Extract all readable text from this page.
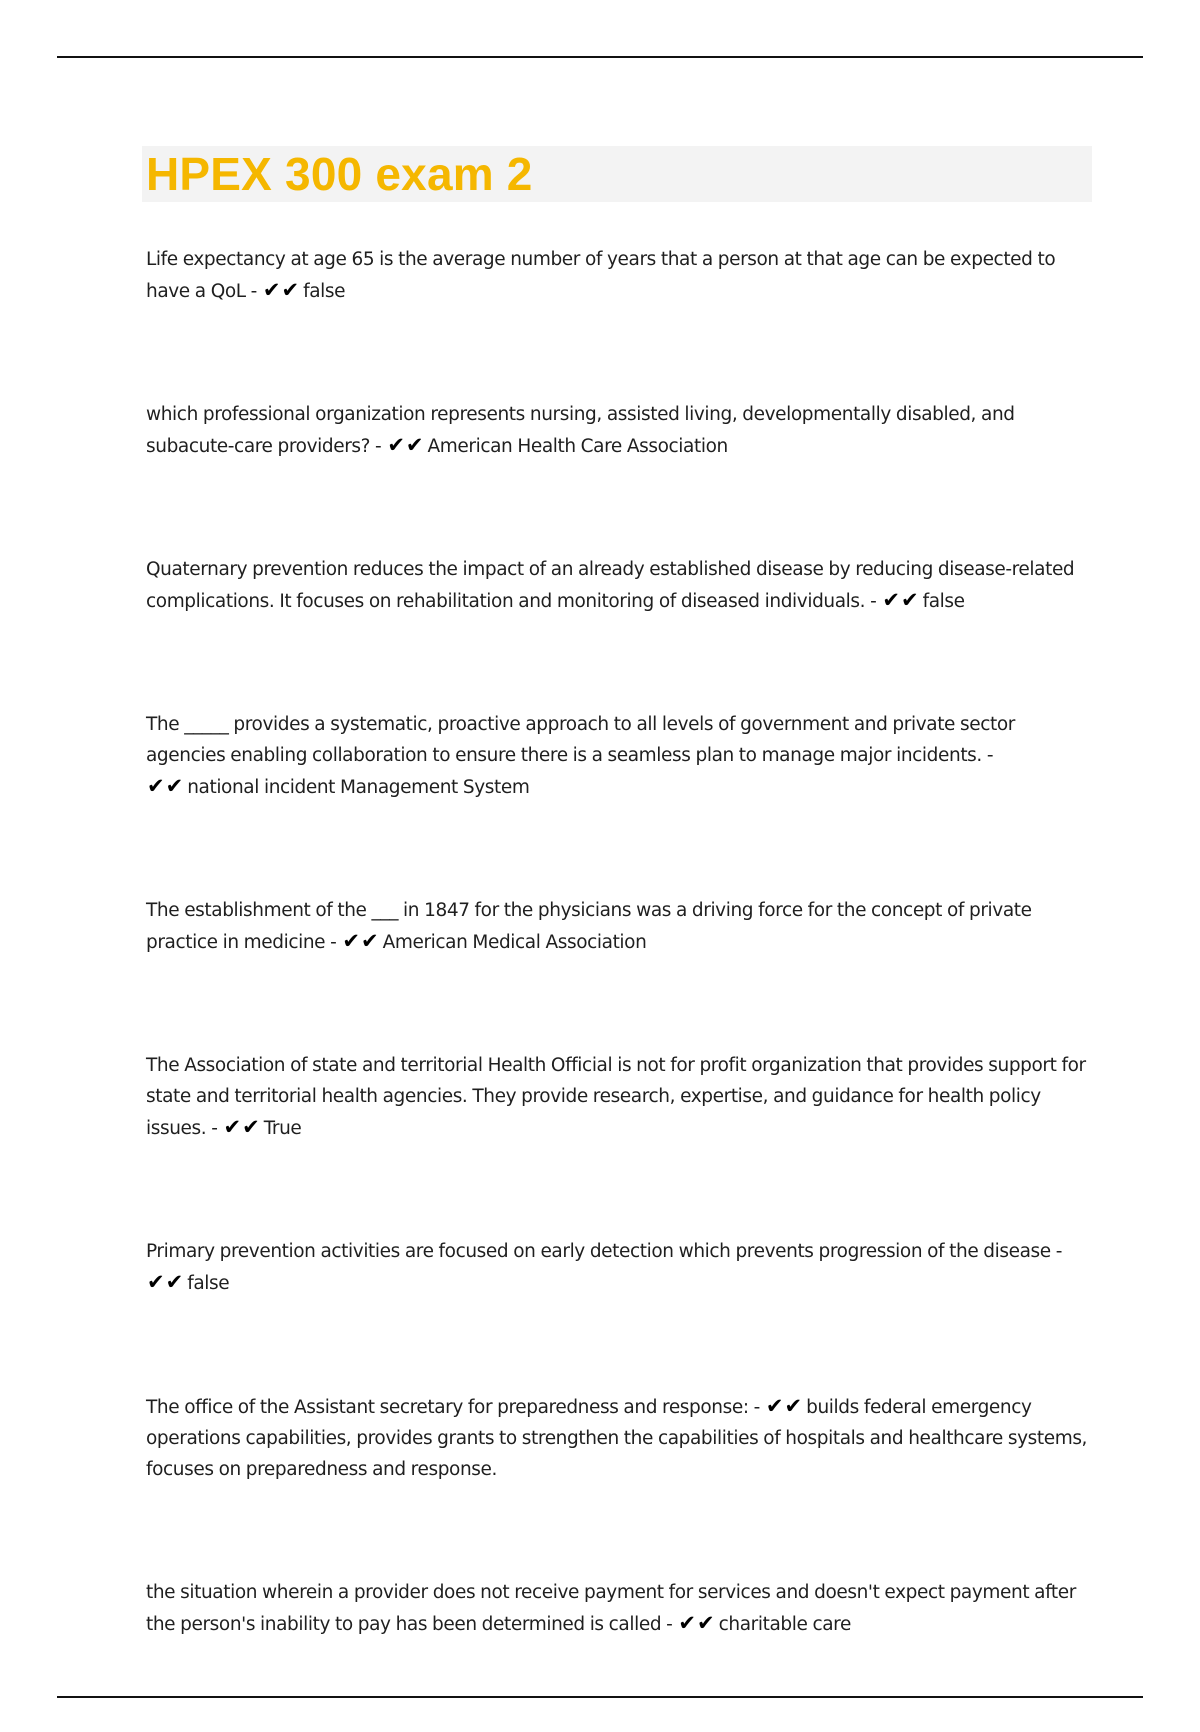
HPEX 300 exam 2

Life expectancy at age 65 is the average number of years that a person at that age can be expected to have a QoL - ✔✔ false

which professional organization represents nursing, assisted living, developmentally disabled, and subacute-care providers? - ✔✔ American Health Care Association

Quaternary prevention reduces the impact of an already established disease by reducing disease-related complications. It focuses on rehabilitation and monitoring of diseased individuals. - ✔✔ false

The _____ provides a systematic, proactive approach to all levels of government and private sector agencies enabling collaboration to ensure there is a seamless plan to manage major incidents. - ✔✔ national incident Management System

The establishment of the ___ in 1847 for the physicians was a driving force for the concept of private practice in medicine - ✔✔ American Medical Association

The Association of state and territorial Health Official is not for profit organization that provides support for state and territorial health agencies. They provide research, expertise, and guidance for health policy issues. - ✔✔ True

Primary prevention activities are focused on early detection which prevents progression of the disease - ✔✔ false

The office of the Assistant secretary for preparedness and response: - ✔✔ builds federal emergency operations capabilities, provides grants to strengthen the capabilities of hospitals and healthcare systems, focuses on preparedness and response.

the situation wherein a provider does not receive payment for services and doesn't expect payment after the person's inability to pay has been determined is called - ✔✔ charitable care
